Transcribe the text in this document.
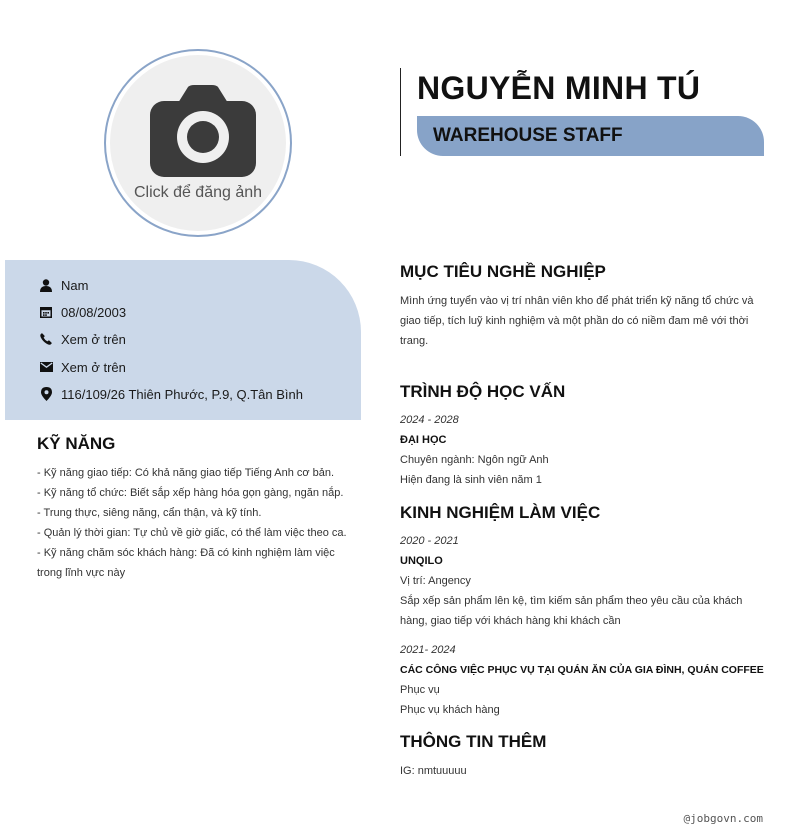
Click để đăng ảnh
NGUYỄN MINH TÚ
WAREHOUSE STAFF
Nam
08/08/2003
Xem ở trên
Xem ở trên
116/109/26 Thiên Phước, P.9, Q.Tân Bình
KỸ NĂNG
- Kỹ năng giao tiếp: Có khả năng giao tiếp Tiếng Anh cơ bản.
- Kỹ năng tổ chức: Biết sắp xếp hàng hóa gọn gàng, ngăn nắp.
- Trung thực, siêng năng, cẩn thận, và kỹ tính.
- Quản lý thời gian: Tự chủ về giờ giấc, có thể làm việc theo ca.
- Kỹ năng chăm sóc khách hàng: Đã có kinh nghiệm làm việc
trong lĩnh vực này
MỤC TIÊU NGHỀ NGHIỆP
Mình ứng tuyển vào vị trí nhân viên kho để phát triển kỹ năng tổ chức và
giao tiếp, tích luỹ kinh nghiệm và một phần do có niềm đam mê với thời
trang.
TRÌNH ĐỘ HỌC VẤN
2024 - 2028
ĐẠI HỌC
Chuyên ngành: Ngôn ngữ Anh
Hiện đang là sinh viên năm 1
KINH NGHIỆM LÀM VIỆC
2020 - 2021
UNQILO
Vị trí: Angency
Sắp xếp sản phẩm lên kệ, tìm kiếm sản phẩm theo yêu cầu của khách
hàng, giao tiếp với khách hàng khi khách cần
2021- 2024
CÁC CÔNG VIỆC PHỤC VỤ TẠI QUÁN ĂN CỦA GIA ĐÌNH, QUÁN COFFEE
Phục vụ
Phục vụ khách hàng
THÔNG TIN THÊM
IG: nmtuuuuu
@jobgovn.com
